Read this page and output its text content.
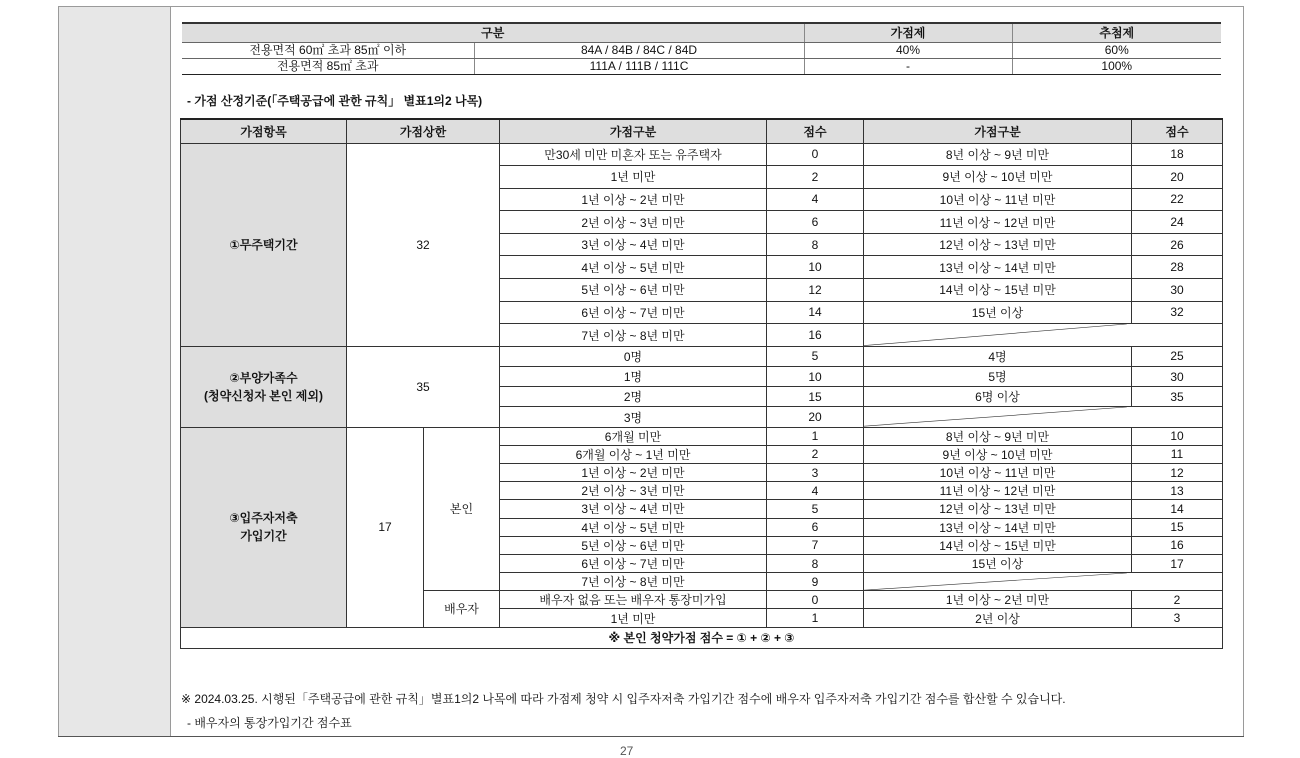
구분		가점제	추첨제
전용면적 60㎡ 초과 85㎡ 이하	84A / 84B / 84C / 84D	40%	60%
전용면적 85㎡ 초과	111A / 111B / 111C	-	100%
- 가점 산정기준(「주택공급에 관한 규칙」 별표1의2 나목)
가점항목	가점상한		가점구분	점수	가점구분	점수
①무주택기간	32		만30세 미만 미혼자 또는 유주택자	0	8년 이상 ~ 9년 미만	18
			1년 미만	2	9년 이상 ~ 10년 미만	20
			1년 이상 ~ 2년 미만	4	10년 이상 ~ 11년 미만	22
			2년 이상 ~ 3년 미만	6	11년 이상 ~ 12년 미만	24
			3년 이상 ~ 4년 미만	8	12년 이상 ~ 13년 미만	26
			4년 이상 ~ 5년 미만	10	13년 이상 ~ 14년 미만	28
			5년 이상 ~ 6년 미만	12	14년 이상 ~ 15년 미만	30
			6년 이상 ~ 7년 미만	14	15년 이상	32
			7년 이상 ~ 8년 미만	16	

②부양가족수
(청약신청자 본인 제외)	35		0명	5	4명	25
			1명	10	5명	30
			2명	15	6명 이상	35
			3명	20	

③입주자저축
가입기간	17	본인	6개월 미만	1	8년 이상 ~ 9년 미만	10
			6개월 이상 ~ 1년 미만	2	9년 이상 ~ 10년 미만	11
			1년 이상 ~ 2년 미만	3	10년 이상 ~ 11년 미만	12
			2년 이상 ~ 3년 미만	4	11년 이상 ~ 12년 미만	13
			3년 이상 ~ 4년 미만	5	12년 이상 ~ 13년 미만	14
			4년 이상 ~ 5년 미만	6	13년 이상 ~ 14년 미만	15
			5년 이상 ~ 6년 미만	7	14년 이상 ~ 15년 미만	16
			6년 이상 ~ 7년 미만	8	15년 이상	17
			7년 이상 ~ 8년 미만	9	

		배우자	배우자 없음 또는 배우자 통장미가입	0	1년 이상 ~ 2년 미만	2
			1년 미만	1	2년 이상	3
※ 본인 청약가점 점수 = ① + ② + ③						
※ 2024.03.25. 시행된「주택공급에 관한 규칙」별표1의2 나목에 따라 가점제 청약 시 입주자저축 가입기간 점수에 배우자 입주자저축 가입기간 점수를 합산할 수 있습니다.
- 배우자의 통장가입기간 점수표
27
